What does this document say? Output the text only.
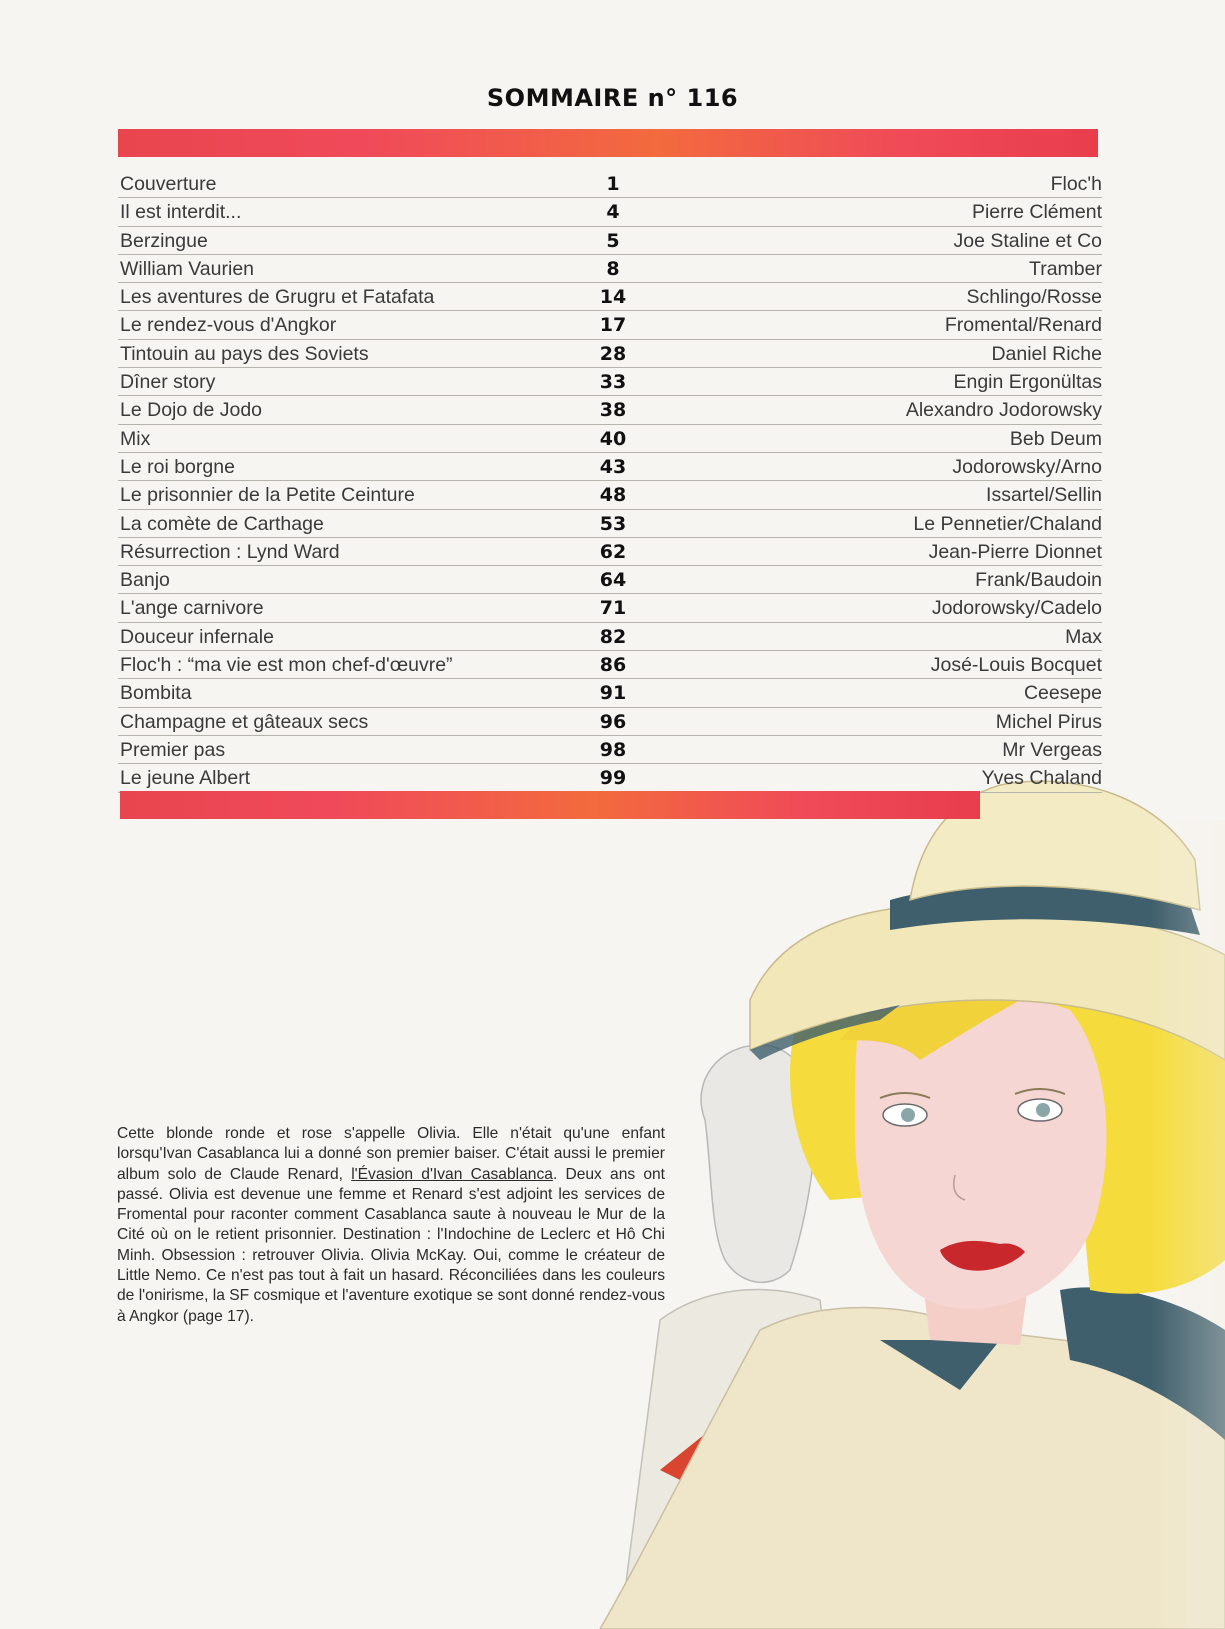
SOMMAIRE n° 116
Couverture	1	Floc'h
Il est interdit...	4	Pierre Clément
Berzingue	5	Joe Staline et Co
William Vaurien	8	Tramber
Les aventures de Grugru et Fatafata	14	Schlingo/Rosse
Le rendez-vous d'Angkor	17	Fromental/Renard
Tintouin au pays des Soviets	28	Daniel Riche
Dîner story	33	Engin Ergonültas
Le Dojo de Jodo	38	Alexandro Jodorowsky
Mix	40	Beb Deum
Le roi borgne	43	Jodorowsky/Arno
Le prisonnier de la Petite Ceinture	48	Issartel/Sellin
La comète de Carthage	53	Le Pennetier/Chaland
Résurrection : Lynd Ward	62	Jean-Pierre Dionnet
Banjo	64	Frank/Baudoin
L'ange carnivore	71	Jodorowsky/Cadelo
Douceur infernale	82	Max
Floc'h : “ma vie est mon chef-d'œuvre”	86	José-Louis Bocquet
Bombita	91	Ceesepe
Champagne et gâteaux secs	96	Michel Pirus
Premier pas	98	Mr Vergeas
Le jeune Albert	99	Yves Chaland
Cette blonde ronde et rose s'appelle Olivia. Elle n'était qu'une enfant lorsqu'Ivan Casablanca lui a donné son premier baiser. C'était aussi le premier album solo de Claude Renard, l'Évasion d'Ivan Casablanca. Deux ans ont passé. Olivia est devenue une femme et Renard s'est adjoint les services de Fromental pour raconter comment Casablanca saute à nouveau le Mur de la Cité où on le retient prisonnier. Destination : l'Indochine de Leclerc et Hô Chi Minh. Obsession : retrouver Olivia. Olivia McKay. Oui, comme le créateur de Little Nemo. Ce n'est pas tout à fait un hasard. Réconciliées dans les couleurs de l'onirisme, la SF cosmique et l'aventure exotique se sont donné rendez-vous à Angkor (page 17).
